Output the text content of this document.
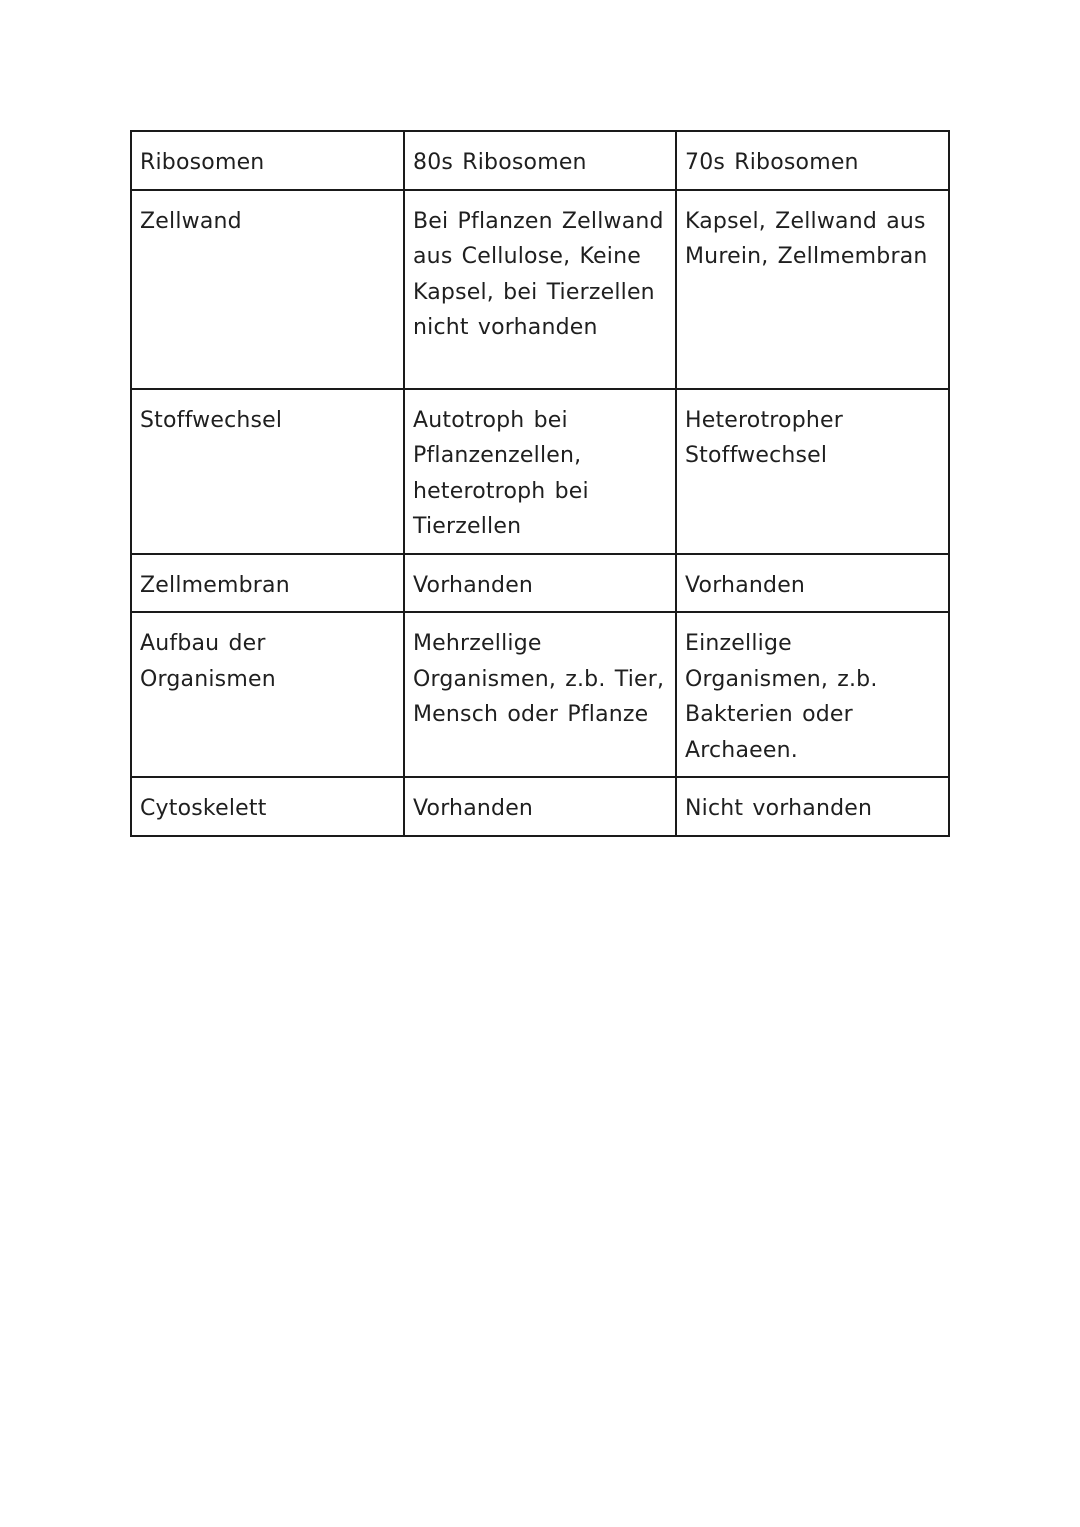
Ribosomen	80s Ribosomen	70s Ribosomen
Zellwand	Bei Pflanzen Zellwand aus Cellulose, Keine Kapsel, bei Tierzellen nicht vorhanden	Kapsel, Zellwand aus Murein, Zellmembran
Stoffwechsel	Autotroph bei Pflanzenzellen, heterotroph bei Tierzellen	Heterotropher Stoffwechsel
Zellmembran	Vorhanden	Vorhanden
Aufbau der Organismen	Mehrzellige Organismen, z.b. Tier, Mensch oder Pflanze	Einzellige Organismen, z.b. Bakterien oder Archaeen.
Cytoskelett	Vorhanden	Nicht vorhanden
